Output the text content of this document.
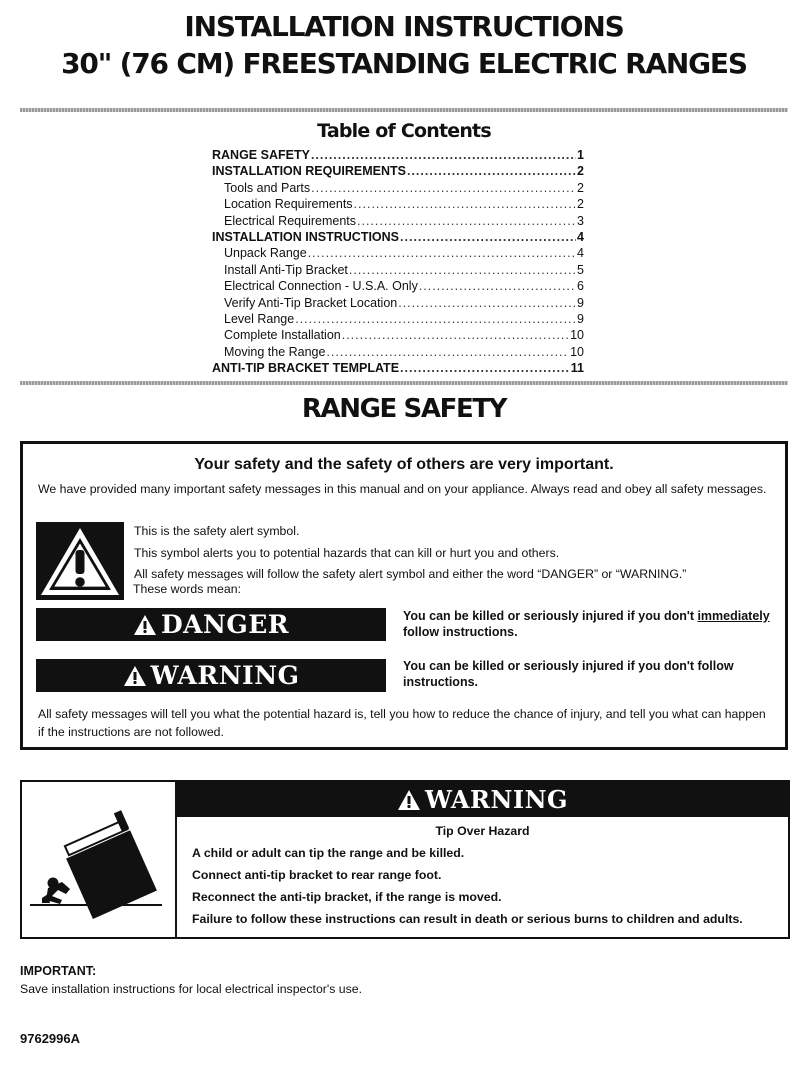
INSTALLATION INSTRUCTIONS
30" (76 CM) FREESTANDING ELECTRIC RANGES
Table of Contents
RANGE SAFETY .....	1
INSTALLATION REQUIREMENTS .....	2
Tools and Parts .....	2
Location Requirements .....	2
Electrical Requirements .....	3
INSTALLATION INSTRUCTIONS .....	4
Unpack Range .....	4
Install Anti-Tip Bracket .....	5
Electrical Connection - U.S.A. Only .....	6
Verify Anti-Tip Bracket Location .....	9
Level Range .....	9
Complete Installation .....	10
Moving the Range .....	10
ANTI-TIP BRACKET TEMPLATE .....	11
RANGE SAFETY
Your safety and the safety of others are very important.
We have provided many important safety messages in this manual and on your appliance. Always read and obey all safety messages.
This is the safety alert symbol.
This symbol alerts you to potential hazards that can kill or hurt you and others.
All safety messages will follow the safety alert symbol and either the word “DANGER” or “WARNING.”
These words mean:
DANGER	You can be killed or seriously injured if you don't immediately follow instructions.
WARNING	You can be killed or seriously injured if you don't follow instructions.
All safety messages will tell you what the potential hazard is, tell you how to reduce the chance of injury, and tell you what can happen if the instructions are not followed.
WARNING
Tip Over Hazard
A child or adult can tip the range and be killed.
Connect anti-tip bracket to rear range foot.
Reconnect the anti-tip bracket, if the range is moved.
Failure to follow these instructions can result in death or serious burns to children and adults.
IMPORTANT:
Save installation instructions for local electrical inspector's use.
9762996A
